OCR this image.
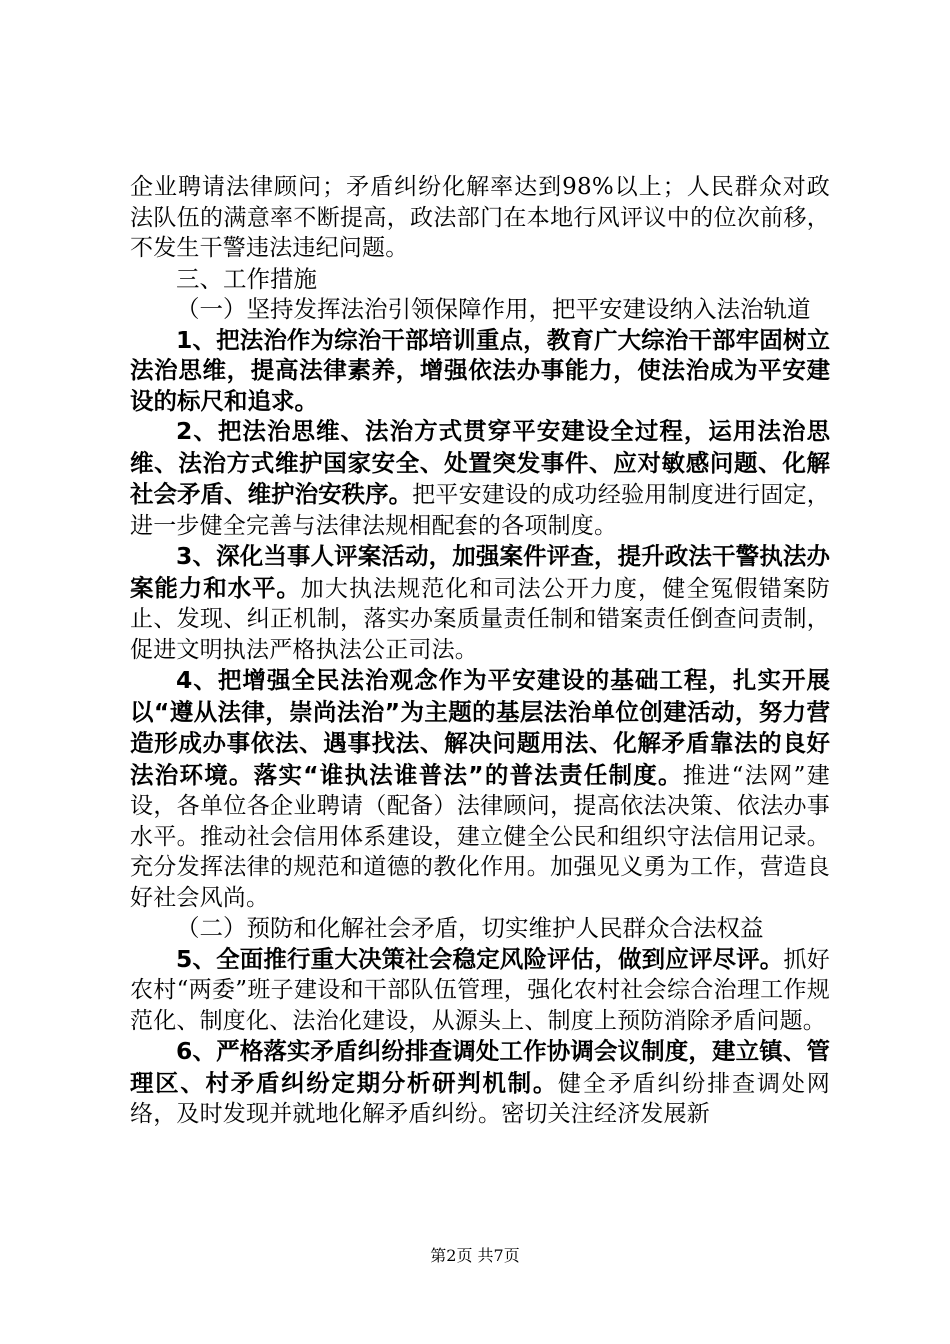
企业聘请法律顾问；矛盾纠纷化解率达到98%以上；人民群众对政法队伍的满意率不断提高，政法部门在本地行风评议中的位次前移，不发生干警违法违纪问题。

三、工作措施

（一）坚持发挥法治引领保障作用，把平安建设纳入法治轨道

1、把法治作为综治干部培训重点，教育广大综治干部牢固树立法治思维，提高法律素养，增强依法办事能力，使法治成为平安建设的标尺和追求。

2、把法治思维、法治方式贯穿平安建设全过程，运用法治思维、法治方式维护国家安全、处置突发事件、应对敏感问题、化解社会矛盾、维护治安秩序。把平安建设的成功经验用制度进行固定，进一步健全完善与法律法规相配套的各项制度。

3、深化当事人评案活动，加强案件评查，提升政法干警执法办案能力和水平。加大执法规范化和司法公开力度，健全冤假错案防止、发现、纠正机制，落实办案质量责任制和错案责任倒查问责制，促进文明执法严格执法公正司法。

4、把增强全民法治观念作为平安建设的基础工程，扎实开展以“遵从法律，崇尚法治”为主题的基层法治单位创建活动，努力营造形成办事依法、遇事找法、解决问题用法、化解矛盾靠法的良好法治环境。落实“谁执法谁普法”的普法责任制度。推进“法网”建设，各单位各企业聘请（配备）法律顾问，提高依法决策、依法办事水平。推动社会信用体系建设，建立健全公民和组织守法信用记录。充分发挥法律的规范和道德的教化作用。加强见义勇为工作，营造良好社会风尚。

（二）预防和化解社会矛盾，切实维护人民群众合法权益

5、全面推行重大决策社会稳定风险评估，做到应评尽评。抓好农村“两委”班子建设和干部队伍管理，强化农村社会综合治理工作规范化、制度化、法治化建设，从源头上、制度上预防消除矛盾问题。

6、严格落实矛盾纠纷排查调处工作协调会议制度，建立镇、管理区、村矛盾纠纷定期分析研判机制。健全矛盾纠纷排查调处网络，及时发现并就地化解矛盾纠纷。密切关注经济发展新

第2页 共7页
